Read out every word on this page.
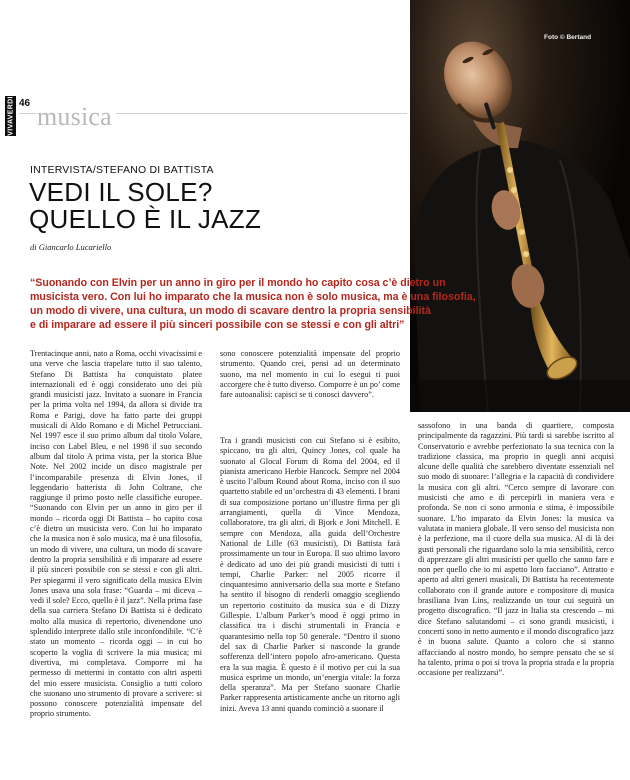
Foto © Bertand
VIVAVERDI 46 musica
INTERVISTA/STEFANO DI BATTISTA
VEDI IL SOLE?
QUELLO È IL JAZZ
di Giancarlo Lucariello
“Suonando con Elvin per un anno in giro per il mondo ho capito cosa c’è dietro un
musicista vero. Con lui ho imparato che la musica non è solo musica, ma è una filosofia,
un modo di vivere, una cultura, un modo di scavare dentro la propria sensibilità
e di imparare ad essere il più sinceri possibile con se stessi e con gli altri”

Trentacinque anni, nato a Roma, occhi vivacissimi e una verve che lascia trapelare tutto il suo talento, Stefano Di Battista ha conquistato platee internazionali ed è oggi considerato uno dei più grandi musicisti jazz. Invitato a suonare in Francia per la prima volta nel 1994, da allora si divide tra Roma e Parigi, dove ha fatto parte dei gruppi musicali di Aldo Romano e di Michel Petrucciani. Nel 1997 esce il suo primo album dal titolo Volare, inciso con Label Bleu, e nel 1998 il suo secondo album dal titolo A prima vista, per la storica Blue Note. Nel 2002 incide un disco magistrale per l’incomparabile presenza di Elvin Jones, il leggendario batterista di John Coltrane, che raggiunge il primo posto nelle classifiche europee. “Suonando con Elvin per un anno in giro per il mondo – ricorda oggi Di Battista – ho capito cosa c’è dietro un musicista vero. Con lui ho imparato che la musica non è solo musica, ma è una filosofia, un modo di vivere, una cultura, un modo di scavare dentro la propria sensibilità e di imparare ad essere il più sinceri possibile con se stessi e con gli altri. Per spiegarmi il vero significato della musica Elvin Jones usava una sola frase: “Guarda – mi diceva – vedi il sole? Ecco, quello è il jazz”. Nella prima fase della sua carriera Stefano Di Battista si è dedicato molto alla musica di repertorio, divenendone uno splendido interprete dallo stile inconfondibile. “C’è stato un momento – ricorda oggi – in cui ho scoperto la voglia di scrivere la mia musica; mi divertiva, mi completava. Comporre mi ha permesso di mettermi in contatto con altri aspetti del mio essere musicista. Consiglio a tutti coloro che suonano uno strumento di provare a scrivere: si possono conoscere potenzialità impensate del proprio strumento.

sono conoscere potenzialità impensate del proprio strumento. Quando crei, pensi ad un determinato suono, ma nel momento in cui lo esegui ti puoi accorgere che è tutto diverso. Comporre è un po’ come fare autoanalisi: capisci se ti conosci davvero”.

Tra i grandi musicisti con cui Stefano si è esibito, spiccano, tra gli altri, Quincy Jones, col quale ha suonato al Glocal Forum di Roma del 2004, ed il pianista americano Herbie Hancock. Sempre nel 2004 è uscito l’album Round about Roma, inciso con il suo quartetto stabile ed un’orchestra di 43 elementi. I brani di sua composizione portano un’illustre firma per gli arrangiamenti, quella di Vince Mendoza, collaboratore, tra gli altri, di Bjork e Joni Mitchell. E sempre con Mendoza, alla guida dell’Orchestre National de Lille (63 musicisti), Di Battista farà prossimamente un tour in Europa. Il suo ultimo lavoro è dedicato ad uno dei più grandi musicisti di tutti i tempi, Charlie Parker: nel 2005 ricorre il cinquantesimo anniversario della sua morte e Stefano ha sentito il bisogno di renderli omaggio scegliendo un repertorio costituito da musica sua e di Dizzy Gillespie. L’album Parker’s mood è oggi primo in classifica tra i dischi strumentali in Francia e quarantesimo nella top 50 generale. “Dentro il suono del sax di Charlie Parker si nasconde la grande sofferenza dell’intero popolo afro-americano. Questa era la sua magia. È questo è il motivo per cui la sua musica esprime un mondo, un’energia vitale: la forza della speranza”. Ma per Stefano suonare Charlie Parker rappresenta artisticamente anche un ritorno agli inizi. Aveva 13 anni quando cominciò a suonare il

sassofono in una banda di quartiere, composta principalmente da ragazzini. Più tardi si sarebbe iscritto al Conservatorio e avrebbe perfezionato la sua tecnica con la tradizione classica, ma proprio in quegli anni acquisì alcune delle qualità che sarebbero diventate essenziali nel suo modo di suonare: l’allegria e la capacità di condividere la musica con gli altri. “Cerco sempre di lavorare con musicisti che amo e di percepirli in maniera vera e profonda. Se non ci sono armonia e stima, è impossibile suonare. L’ho imparato da Elvin Jones: la musica va valutata in maniera globale. Il vero senso del musicista non è la perfezione, ma il cuore della sua musica. Al di là dei gusti personali che riguardano solo la mia sensibilità, cerco di apprezzare gli altri musicisti per quello che sanno fare e non per quello che io mi aspetto loro facciano”. Attratto e aperto ad altri generi musicali, Di Battista ha recentemente collaborato con il grande autore e compositore di musica brasiliana Ivan Lins, realizzando un tour cui seguirà un progetto discografico. “Il jazz in Italia sta crescendo – mi dice Stefano salutandomi – ci sono grandi musicisti, i concerti sono in netto aumento e il mondo discografico jazz è in buona salute. Quanto a coloro che si stanno affacciando al nostro mondo, ho sempre pensato che se si ha talento, prima o poi si trova la propria strada e la propria occasione per realizzarsi”.
